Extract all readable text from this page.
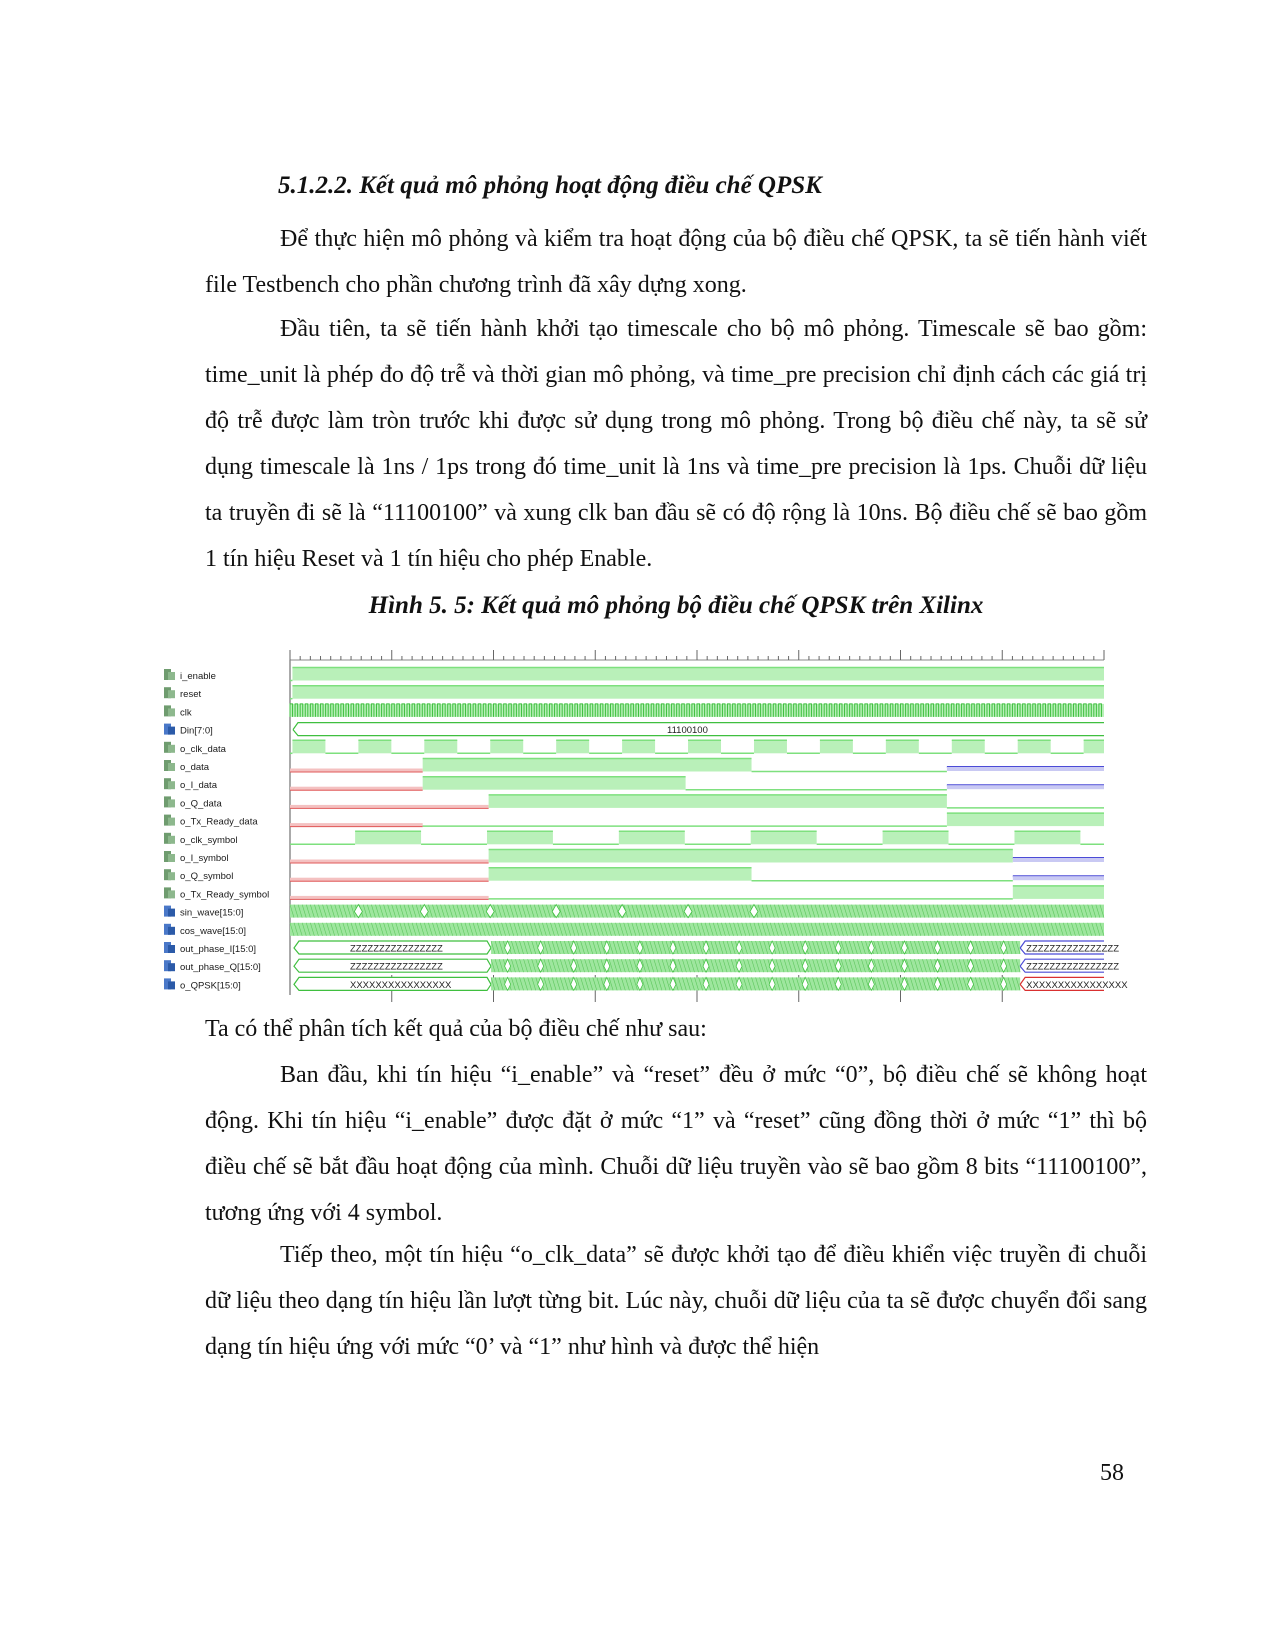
5.1.2.2. Kết quả mô phỏng hoạt động điều chế QPSK

Để thực hiện mô phỏng và kiểm tra hoạt động của bộ điều chế QPSK, ta sẽ tiến hành viết file Testbench cho phần chương trình đã xây dựng xong.

Đầu tiên, ta sẽ tiến hành khởi tạo timescale cho bộ mô phỏng. Timescale sẽ bao gồm: time_unit là phép đo độ trễ và thời gian mô phỏng, và time_pre precision chỉ định cách các giá trị độ trễ được làm tròn trước khi được sử dụng trong mô phỏng. Trong bộ điều chế này, ta sẽ sử dụng timescale là 1ns / 1ps trong đó time_unit là 1ns và time_pre precision là 1ps. Chuỗi dữ liệu ta truyền đi sẽ là “11100100” và xung clk ban đầu sẽ có độ rộng là 10ns. Bộ điều chế sẽ bao gồm 1 tín hiệu Reset và 1 tín hiệu cho phép Enable.

Hình 5. 5: Kết quả mô phỏng bộ điều chế QPSK trên Xilinx
i_enable
reset
clk
Din[7:0]	11100100
o_clk_data
o_data
o_I_data
o_Q_data
o_Tx_Ready_data
o_clk_symbol
o_I_symbol
o_Q_symbol
o_Tx_Ready_symbol
sin_wave[15:0]
cos_wave[15:0]
out_phase_I[15:0]	ZZZZZZZZZZZZZZZZ	ZZZZZZZZZZZZZZZZ
out_phase_Q[15:0]	ZZZZZZZZZZZZZZZZ	ZZZZZZZZZZZZZZZZ
o_QPSK[15:0]	XXXXXXXXXXXXXXXX	XXXXXXXXXXXXXXXX

Ta có thể phân tích kết quả của bộ điều chế như sau:

Ban đầu, khi tín hiệu “i_enable” và “reset” đều ở mức “0”, bộ điều chế sẽ không hoạt động. Khi tín hiệu “i_enable” được đặt ở mức “1” và “reset” cũng đồng thời ở mức “1” thì bộ điều chế sẽ bắt đầu hoạt động của mình. Chuỗi dữ liệu truyền vào sẽ bao gồm 8 bits “11100100”, tương ứng với 4 symbol.

Tiếp theo, một tín hiệu “o_clk_data” sẽ được khởi tạo để điều khiển việc truyền đi chuỗi dữ liệu theo dạng tín hiệu lần lượt từng bit. Lúc này, chuỗi dữ liệu của ta sẽ được chuyển đổi sang dạng tín hiệu ứng với mức “0’ và “1” như hình và được thể hiện

58
